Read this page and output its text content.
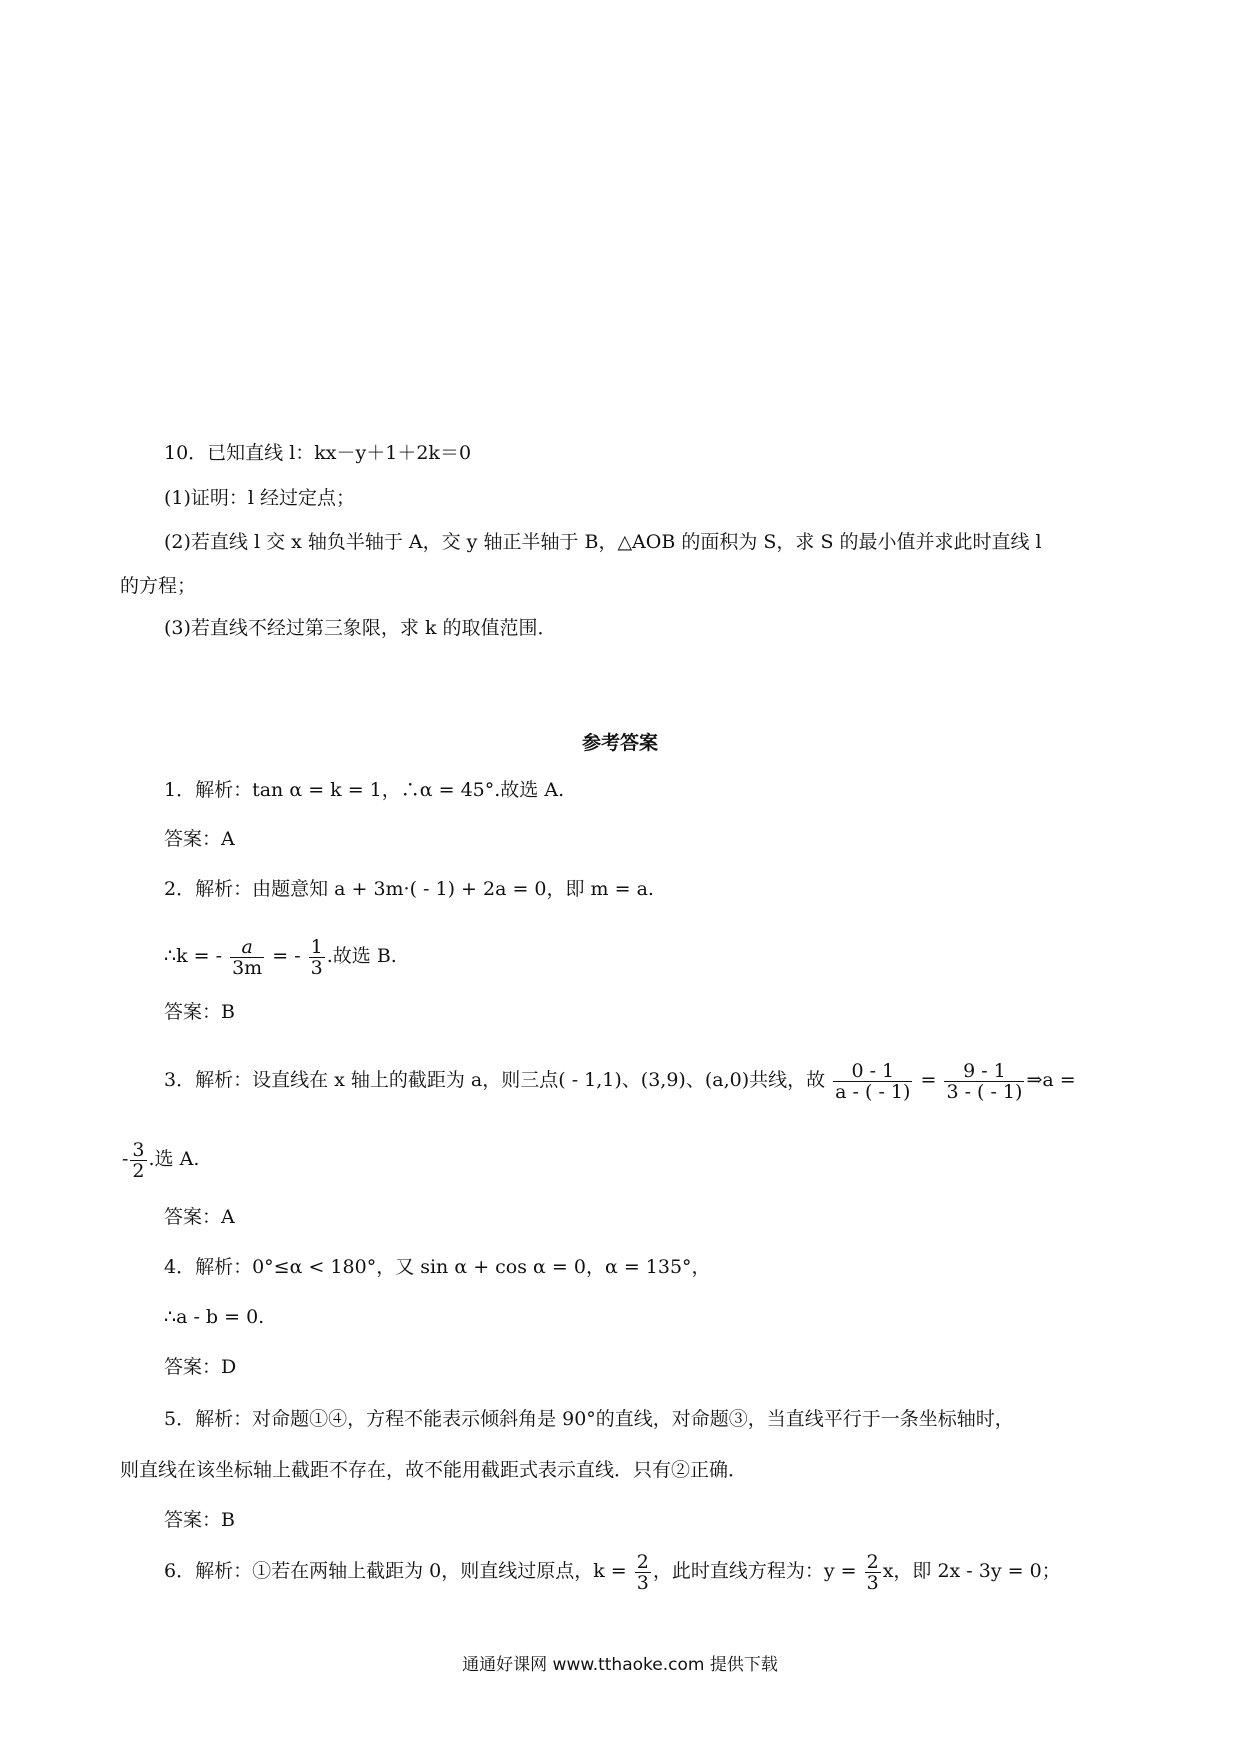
10．已知直线 l：kx－y＋1＋2k＝0
(1)证明：l 经过定点；
(2)若直线 l 交 x 轴负半轴于 A，交 y 轴正半轴于 B，△AOB 的面积为 S，求 S 的最小值并求此时直线 l
的方程；
(3)若直线不经过第三象限，求 k 的取值范围．
参考答案
1．解析：tan α = k = 1，∴α = 45°.故选 A.
答案：A
2．解析：由题意知 a + 3m·( - 1) + 2a = 0，即 m = a.
∴k = - $\frac{a}{3m}$ = - $\frac{1}{3}$ .故选 B.
答案：B
3．解析：设直线在 x 轴上的截距为 a，则三点( - 1,1)、(3,9)、(a,0)共线，故 $\frac{0 - 1}{a - ( - 1)} = \frac{9 - 1}{3 - ( - 1)}$ ⇒a =
- $\frac{3}{2}$ .选 A.
答案：A
4．解析：0°≤α < 180°，又 sin α + cos α = 0，α = 135°，
∴a - b = 0.
答案：D
5．解析：对命题①④，方程不能表示倾斜角是 90°的直线，对命题③，当直线平行于一条坐标轴时，
则直线在该坐标轴上截距不存在，故不能用截距式表示直线．只有②正确．
答案：B
6．解析：①若在两轴上截距为 0，则直线过原点，$k = \frac{2}{3}$ ，此时直线方程为：$y = \frac{2}{3}$ x，即 2x - 3y = 0；
通通好课网 www.tthaoke.com 提供下载
